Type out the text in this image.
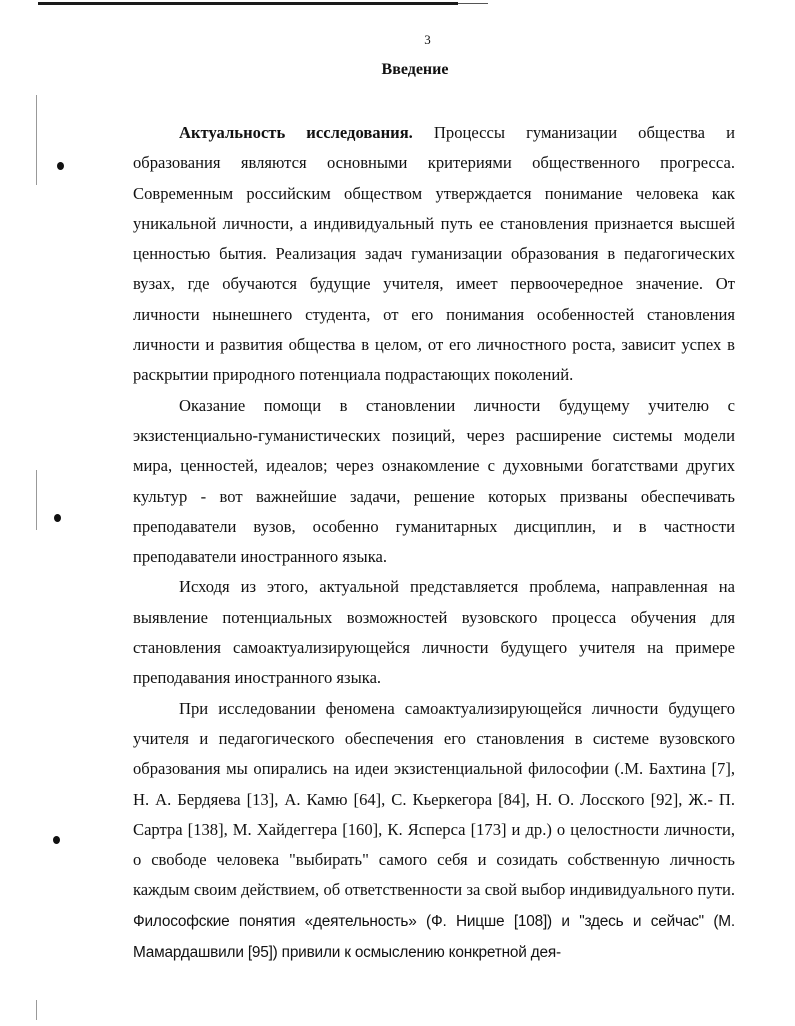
3
Введение

Актуальность исследования. Процессы гуманизации общества и образования являются основными критериями общественного прогресса. Современным российским обществом утверждается понимание человека как уникальной личности, а индивидуальный путь ее становления признается высшей ценностью бытия. Реализация задач гуманизации образования в педагогических вузах, где обучаются будущие учителя, имеет первоочередное значение. От личности нынешнего студента, от его понимания особенностей становления личности и развития общества в целом, от его личностного роста, зависит успех в раскрытии природного потенциала подрастающих поколений.

Оказание помощи в становлении личности будущему учителю с экзистенциально-гуманистических позиций, через расширение системы модели мира, ценностей, идеалов; через ознакомление с духовными богатствами других культур - вот важнейшие задачи, решение которых призваны обеспечивать преподаватели вузов, особенно гуманитарных дисциплин, и в частности преподаватели иностранного языка.

Исходя из этого, актуальной представляется проблема, направленная на выявление потенциальных возможностей вузовского процесса обучения для становления самоактуализирующейся личности будущего учителя на примере преподавания иностранного языка.

При исследовании феномена самоактуализирующейся личности будущего учителя и педагогического обеспечения его становления в системе вузовского образования мы опирались на идеи экзистенциальной философии (.М. Бахтина [7], Н. А. Бердяева [13], А. Камю [64], С. Кьеркегора [84], Н. О. Лосского [92], Ж.- П. Сартра [138], М. Хайдеггера [160], К. Ясперса [173] и др.) о целостности личности, о свободе человека "выбирать" самого себя и созидать собственную личность каждым своим действием, об ответственности за свой выбор индивидуального пути. Философские понятия «деятельность» (Ф. Ницше [108]) и "здесь и сейчас" (М. Мамардашвили [95]) привили к осмыслению конкретной дея-
